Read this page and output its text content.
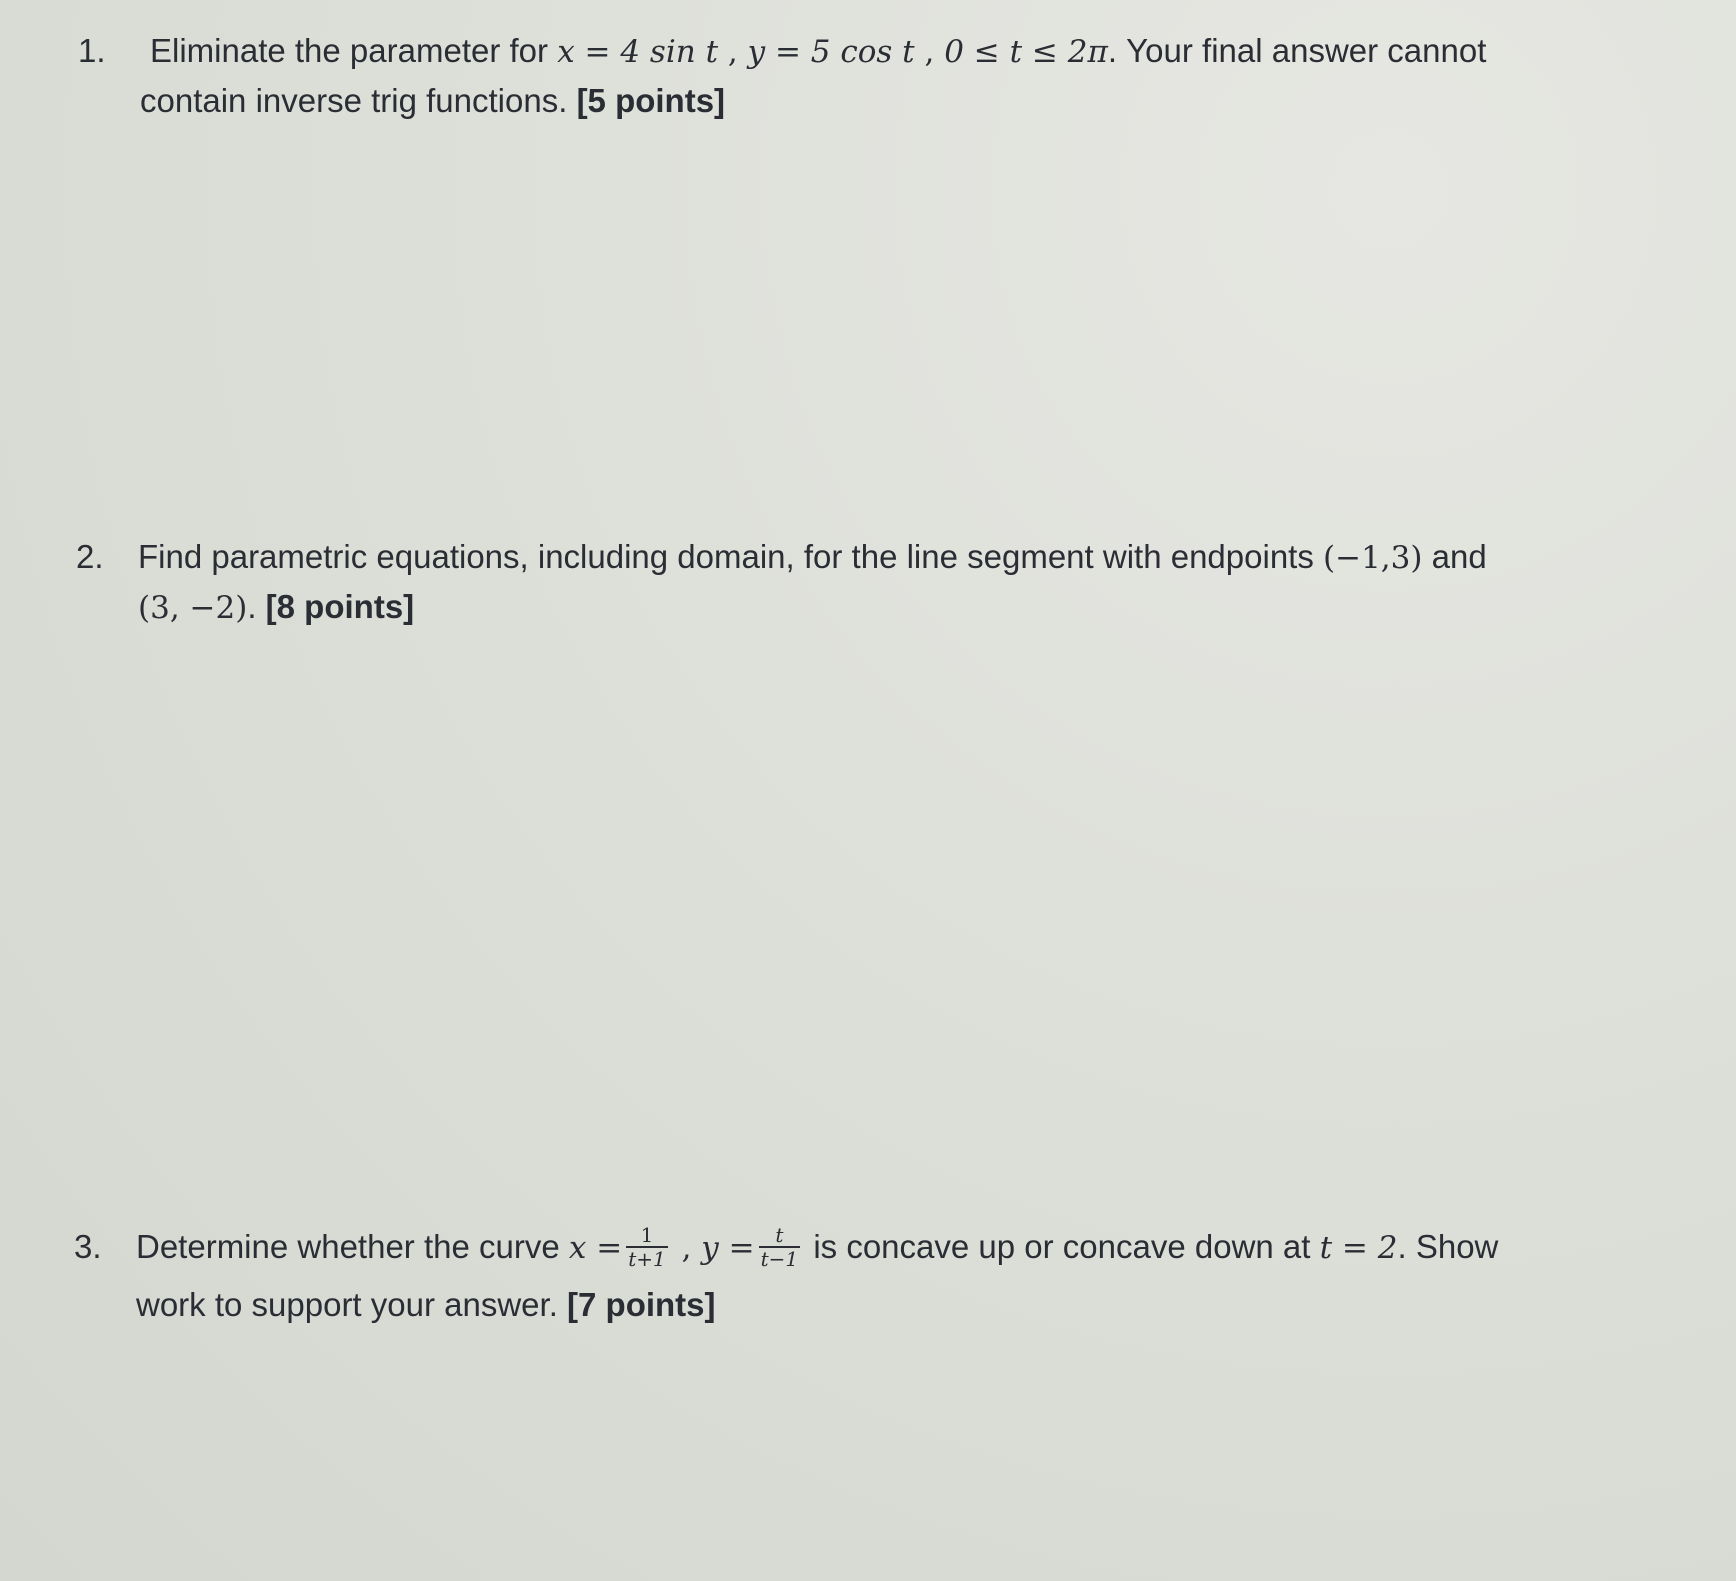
1. Eliminate the parameter for x = 4 sin t , y = 5 cos t , 0 ≤ t ≤ 2π. Your final answer cannot
contain inverse trig functions. [5 points]
2. Find parametric equations, including domain, for the line segment with endpoints (−1,3) and
(3, −2). [8 points]
3. Determine whether the curve $x = \frac{1}{t+1}$ , $y = \frac{t}{t-1}$ is concave up or concave down at t = 2. Show
work to support your answer. [7 points]
